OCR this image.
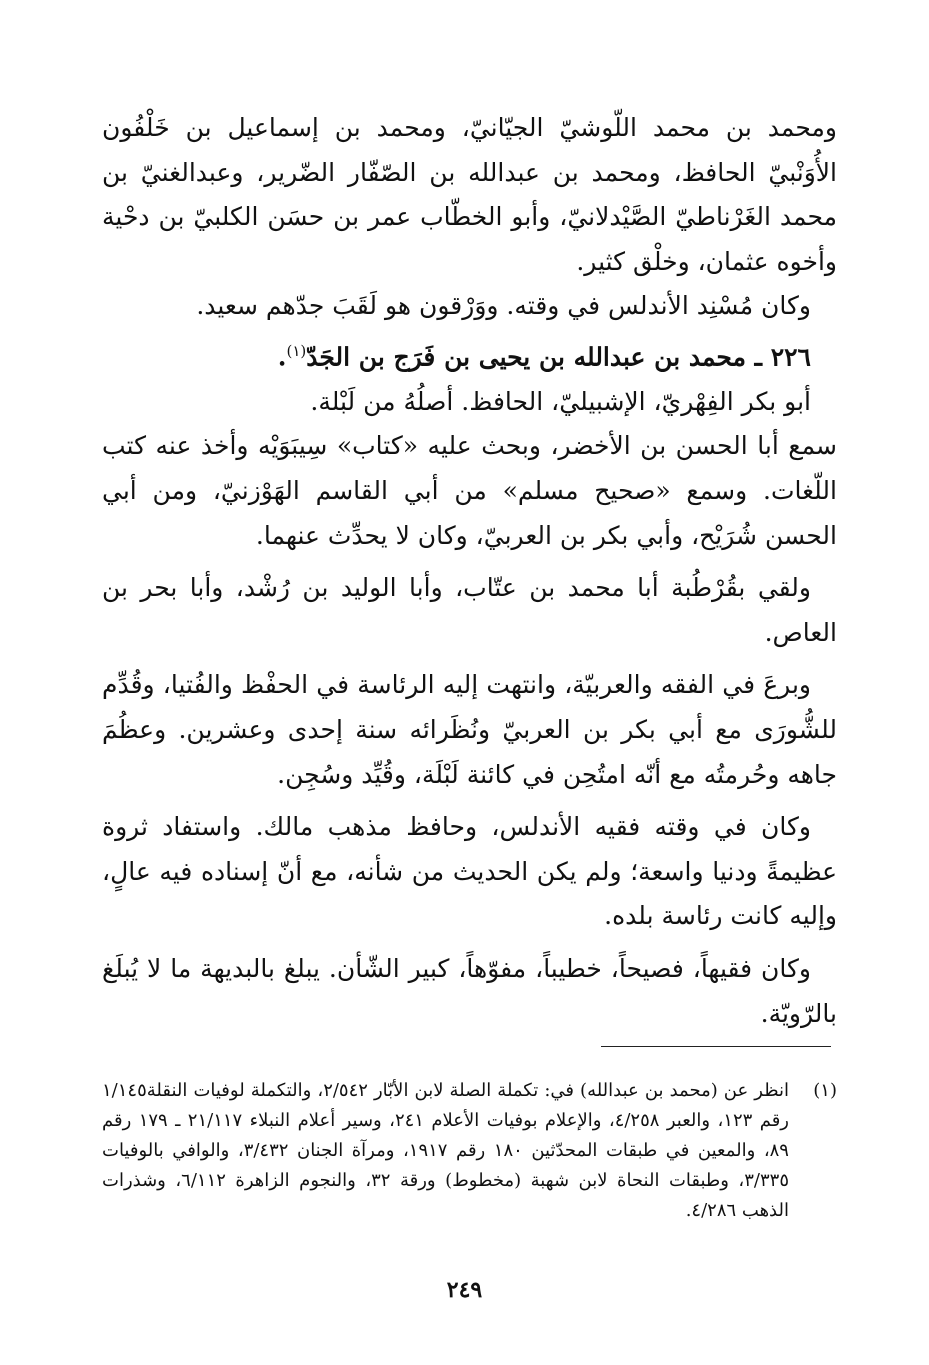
ومحمد بن محمد اللّوشيّ الجيّانيّ، ومحمد بن إسماعيل بن خَلْفُون الأُوَنْبيّ الحافظ، ومحمد بن عبدالله بن الصّفّار الضّرير، وعبدالغنيّ بن محمد الغَرْناطيّ الصَّيْدلانيّ، وأبو الخطّاب عمر بن حسَن الكلبيّ بن دحْية وأخوه عثمان، وخلْق كثير.

وكان مُسْنِد الأندلس في وقته. ووَرْقون هو لَقَبَ جدّهم سعيد.

٢٢٦ ـ محمد بن عبدالله بن يحيى بن فَرَج بن الجَدّ$^{(١)}$.

أبو بكر الفِهْريّ، الإشبيليّ، الحافظ. أصلُهُ من لَبْلة.

سمع أبا الحسن بن الأخضر، وبحث عليه «كتاب» سِيبَوَيْه وأخذ عنه كتب اللّغات. وسمع «صحيح مسلم» من أبي القاسم الهَوْزنيّ، ومن أبي الحسن شُرَيْح، وأبي بكر بن العربيّ، وكان لا يحدِّث عنهما.

ولقي بقُرْطُبة أبا محمد بن عتّاب، وأبا الوليد بن رُشْد، وأبا بحر بن العاص.

وبرعَ في الفقه والعربيّة، وانتهت إليه الرئاسة في الحفْظ والفُتيا، وقُدِّم للشُّورَى مع أبي بكر بن العربيّ ونُظَرائه سنة إحدى وعشرين. وعظُمَ جاهه وحُرمتُه مع أنّه امتُحِن في كائنة لَبْلَة، وقُيِّد وسُجِن.

وكان في وقته فقيه الأندلس، وحافظ مذهب مالك. واستفاد ثروة عظيمةً ودنيا واسعة؛ ولم يكن الحديث من شأنه، مع أنّ إسناده فيه عالٍ، وإليه كانت رئاسة بلده.

وكان فقيهاً، فصيحاً، خطيباً، مفوّهاً، كبير الشّأن. يبلغ بالبديهة ما لا يُبلَغ بالرّويّة.

(١)
انظر عن (محمد بن عبدالله) في: تكملة الصلة لابن الأبّار ٢/٥٤٢، والتكملة لوفيات النقلة١/١٤٥ رقم ١٢٣، والعبر ٤/٢٥٨، والإعلام بوفيات الأعلام ٢٤١، وسير أعلام النبلاء ٢١/١١٧ ـ ١٧٩ رقم ٨٩، والمعين في طبقات المحدّثين ١٨٠ رقم ١٩١٧، ومرآة الجنان ٣/٤٣٢، والوافي بالوفيات ٣/٣٣٥، وطبقات النحاة لابن شهبة (مخطوط) ورقة ٣٢، والنجوم الزاهرة ٦/١١٢، وشذرات الذهب ٤/٢٨٦.
٢٤٩
